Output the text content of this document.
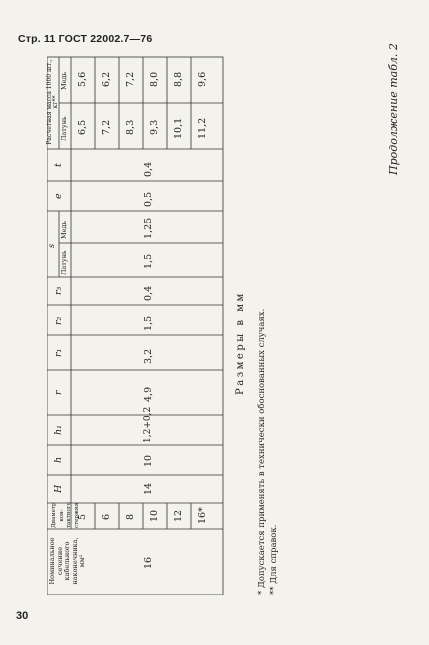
Стр. 11 ГОСТ 22002.7—76
30
Продолжение табл. 2
Размеры в мм
Номинальное сечение кабельного наконечника, мм²
Диаметр кон- тактного стержня
H
h
h₁
r
r₁
r₂
r₃
s
Латунь
Медь
e
t
Расчетная масса 1000 шт., кг**
Латунь
Медь
16
14
10
1,2+0,2
4,9
3,2
1,5
0,4
1,5
1,25
0,5
0,4
5 6 8 10 12 16*
6,5 7,2 8,3 9,3 10,1 11,2
5,6 6,2 7,2 8,0 8,8 9,6
* Допускается применять в технически обоснованных случаях. ** Для справок.
